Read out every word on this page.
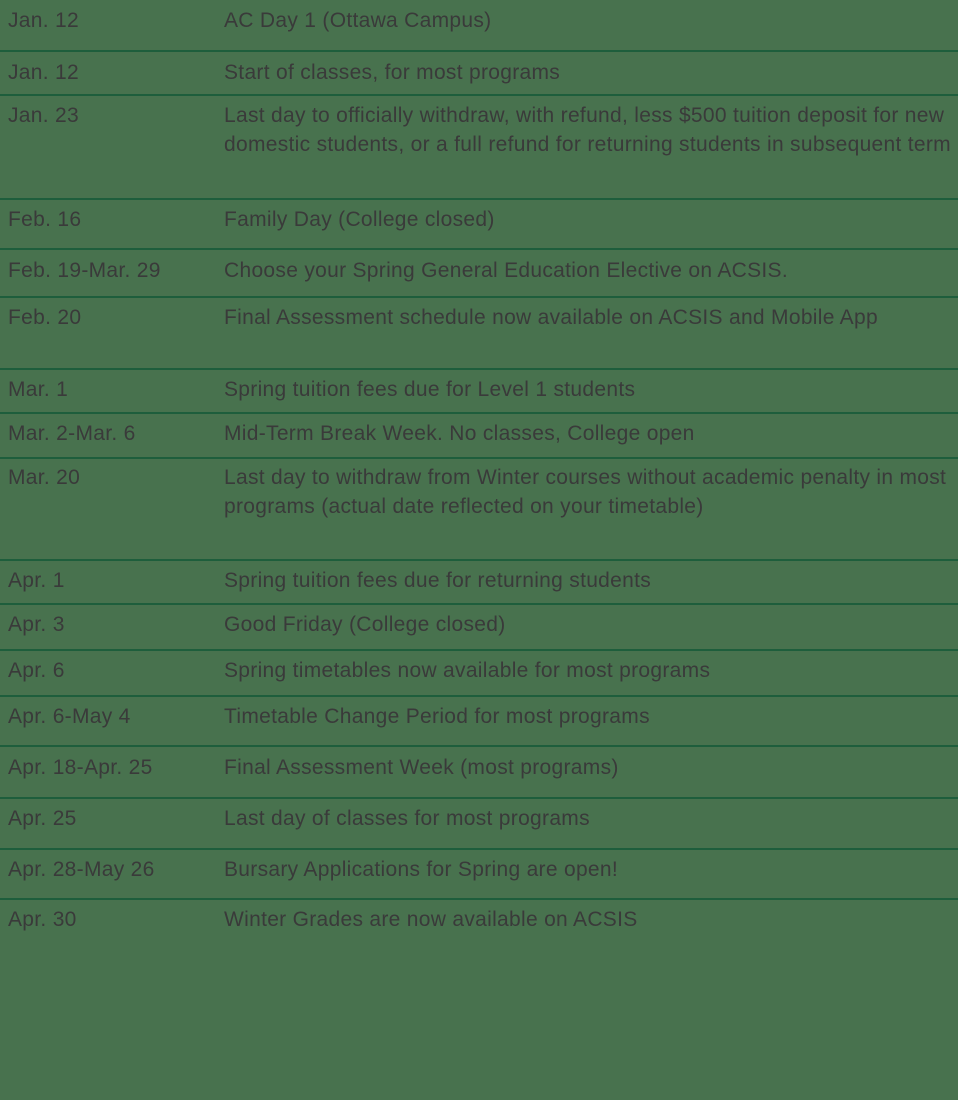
Jan. 12	AC Day 1 (Ottawa Campus)
Jan. 12	Start of classes, for most programs
Jan. 23	Last day to officially withdraw, with refund, less $500 tuition deposit for new domestic students, or a full refund for returning students in subsequent term
Feb. 16	Family Day (College closed)
Feb. 19-Mar. 29	Choose your Spring General Education Elective on ACSIS.
Feb. 20	Final Assessment schedule now available on ACSIS and Mobile App
Mar. 1	Spring tuition fees due for Level 1 students
Mar. 2-Mar. 6	Mid-Term Break Week. No classes, College open
Mar. 20	Last day to withdraw from Winter courses without academic penalty in most programs (actual date reflected on your timetable)
Apr. 1	Spring tuition fees due for returning students
Apr. 3	Good Friday (College closed)
Apr. 6	Spring timetables now available for most programs
Apr. 6-May 4	Timetable Change Period for most programs
Apr. 18-Apr. 25	Final Assessment Week (most programs)
Apr. 25	Last day of classes for most programs
Apr. 28-May 26	Bursary Applications for Spring are open!
Apr. 30	Winter Grades are now available on ACSIS
